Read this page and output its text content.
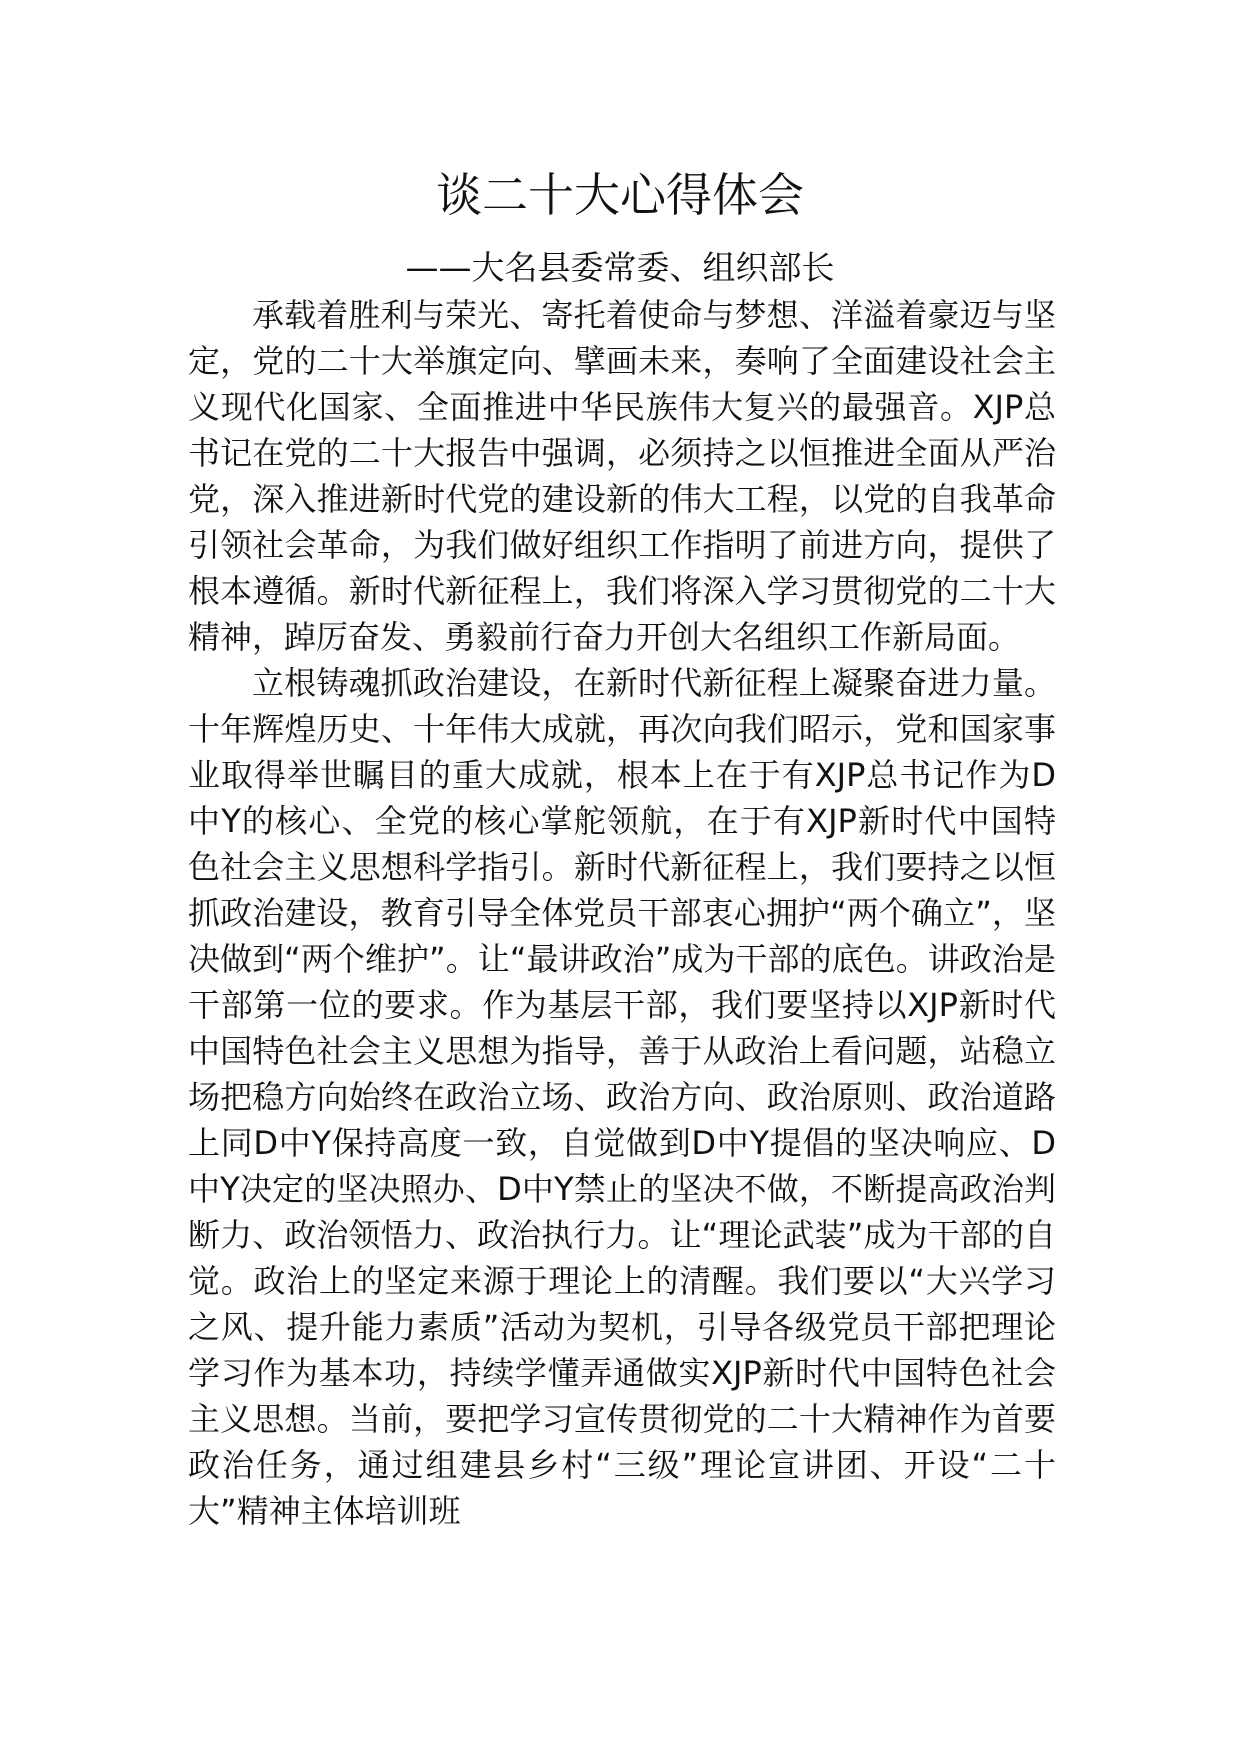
谈二十大心得体会
——大名县委常委、组织部长

承载着胜利与荣光、寄托着使命与梦想、洋溢着豪迈与坚定，党的二十大举旗定向、擘画未来，奏响了全面建设社会主义现代化国家、全面推进中华民族伟大复兴的最强音。XJP总书记在党的二十大报告中强调，必须持之以恒推进全面从严治党，深入推进新时代党的建设新的伟大工程，以党的自我革命引领社会革命，为我们做好组织工作指明了前进方向，提供了根本遵循。新时代新征程上，我们将深入学习贯彻党的二十大精神，踔厉奋发、勇毅前行奋力开创大名组织工作新局面。

立根铸魂抓政治建设，在新时代新征程上凝聚奋进力量。十年辉煌历史、十年伟大成就，再次向我们昭示，党和国家事业取得举世瞩目的重大成就，根本上在于有XJP总书记作为D中Y的核心、全党的核心掌舵领航，在于有XJP新时代中国特色社会主义思想科学指引。新时代新征程上，我们要持之以恒抓政治建设，教育引导全体党员干部衷心拥护“两个确立”，坚决做到“两个维护”。让“最讲政治”成为干部的底色。讲政治是干部第一位的要求。作为基层干部，我们要坚持以XJP新时代中国特色社会主义思想为指导，善于从政治上看问题，站稳立场把稳方向始终在政治立场、政治方向、政治原则、政治道路上同D中Y保持高度一致，自觉做到D中Y提倡的坚决响应、D中Y决定的坚决照办、D中Y禁止的坚决不做，不断提高政治判断力、政治领悟力、政治执行力。让“理论武装”成为干部的自觉。政治上的坚定来源于理论上的清醒。我们要以“大兴学习之风、提升能力素质”活动为契机，引导各级党员干部把理论学习作为基本功，持续学懂弄通做实XJP新时代中国特色社会主义思想。当前，要把学习宣传贯彻党的二十大精神作为首要政治任务，通过组建县乡村“三级”理论宣讲团、开设“二十大”精神主体培训班
